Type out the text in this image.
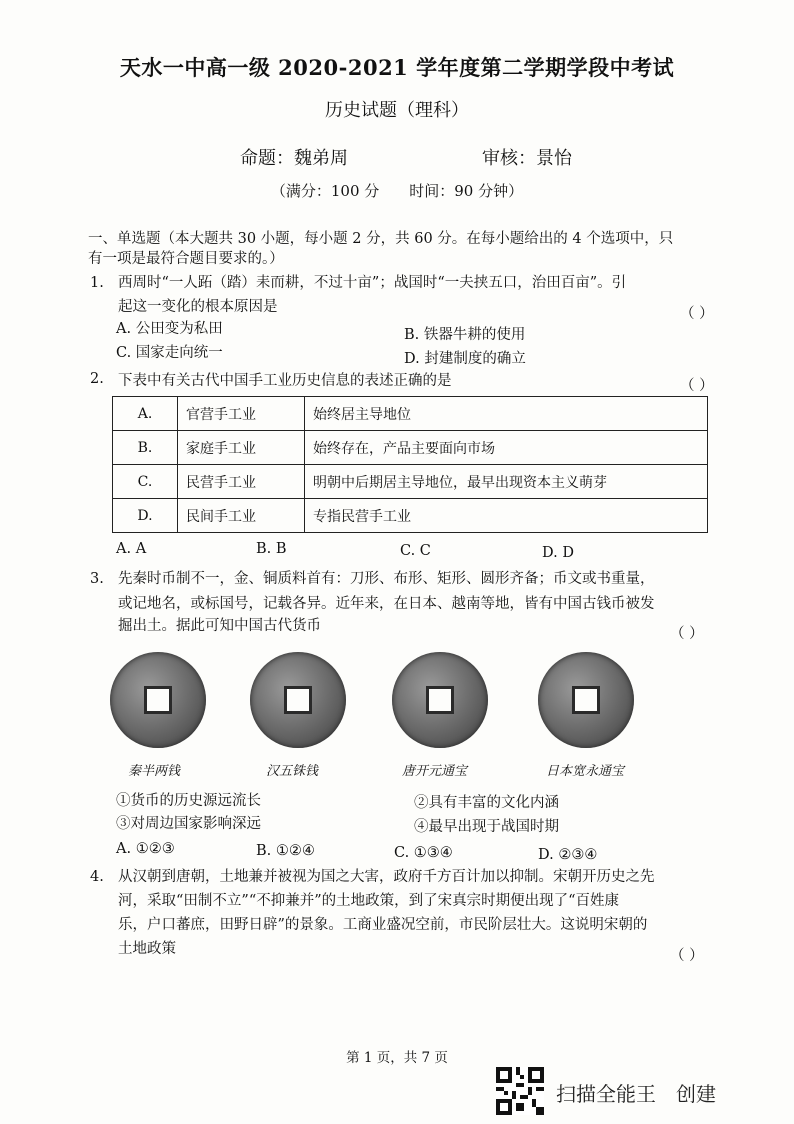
天水一中高一级 2020-2021 学年度第二学期学段中考试
历史试题（理科）
命题：魏弟周	审核：景怡
（满分：100 分　　时间：90 分钟）
一、单选题（本大题共 30 小题，每小题 2 分，共 60 分。在每小题给出的 4 个选项中，只
有一项是最符合题目要求的。）
1. 西周时“一人跖（踏）耒而耕，不过十亩”；战国时“一夫挟五口，治田百亩”。引
起这一变化的根本原因是	（ ）
A. 公田变为私田	B. 铁器牛耕的使用
C. 国家走向统一	D. 封建制度的确立
2. 下表中有关古代中国手工业历史信息的表述正确的是	（ ）
A.	官营手工业	始终居主导地位
B.	家庭手工业	始终存在，产品主要面向市场
C.	民营手工业	明朝中后期居主导地位，最早出现资本主义萌芽
D.	民间手工业	专指民营手工业
A. A	B. B	C. C	D. D
3. 先秦时币制不一，金、铜质料首有：刀形、布形、矩形、圆形齐备；币文或书重量，
或记地名，或标国号，记载各异。近年来，在日本、越南等地，皆有中国古钱币被发
掘出土。据此可知中国古代货币	（ ）
秦半两钱	汉五铢钱	唐开元通宝	日本宽永通宝
①货币的历史源远流长	②具有丰富的文化内涵
③对周边国家影响深远	④最早出现于战国时期
A. ①②③	B. ①②④	C. ①③④	D. ②③④
4. 从汉朝到唐朝，土地兼并被视为国之大害，政府千方百计加以抑制。宋朝开历史之先
河，采取“田制不立”“不抑兼并”的土地政策，到了宋真宗时期便出现了“百姓康
乐，户口蕃庶，田野日辟”的景象。工商业盛况空前，市民阶层壮大。这说明宋朝的
土地政策	（ ）
第 1 页，共 7 页
扫描全能王　创建
